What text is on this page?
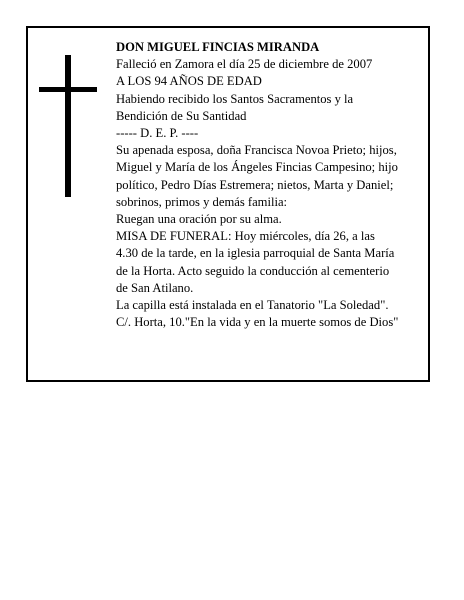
DON MIGUEL FINCIAS MIRANDA

Falleció en Zamora el día 25 de diciembre de 2007

A LOS 94 AÑOS DE EDAD

Habiendo recibido los Santos Sacramentos y la

Bendición de Su Santidad

----- D. E. P. ----

Su apenada esposa, doña Francisca Novoa Prieto; hijos,

Miguel y María de los Ángeles Fincias Campesino; hijo

político, Pedro Días Estremera; nietos, Marta y Daniel;

sobrinos, primos y demás familia:

Ruegan una oración por su alma.

MISA DE FUNERAL: Hoy miércoles, día 26, a las

4.30 de la tarde, en la iglesia parroquial de Santa María

de la Horta. Acto seguido la conducción al cementerio

de San Atilano.

La capilla está instalada en el Tanatorio "La Soledad".

C/. Horta, 10."En la vida y en la muerte somos de Dios"
